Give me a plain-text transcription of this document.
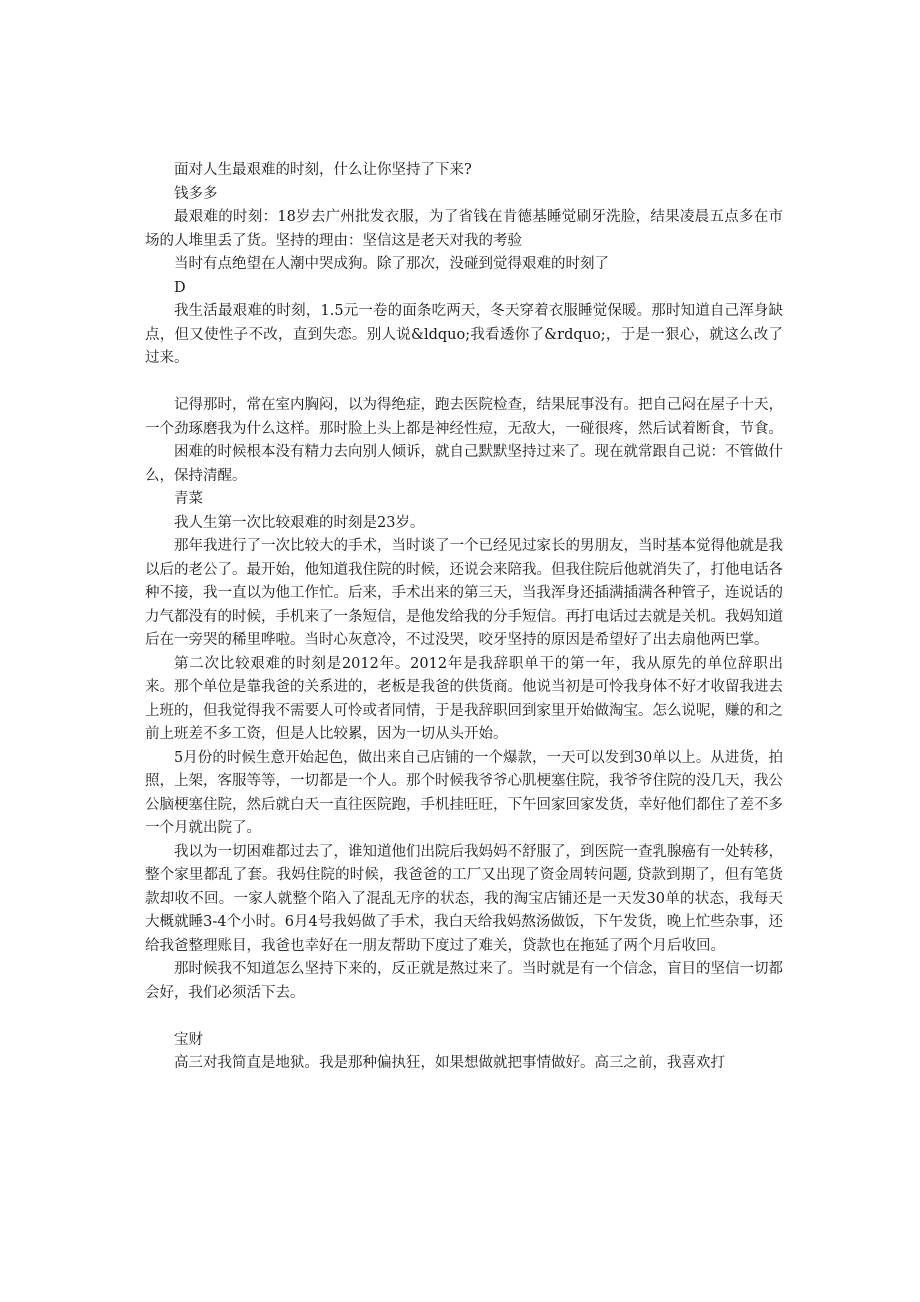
面对人生最艰难的时刻，什么让你坚持了下来?

钱多多

最艰难的时刻：18岁去广州批发衣服，为了省钱在肯德基睡觉刷牙洗脸，结果凌晨五点多在市场的人堆里丢了货。坚持的理由：坚信这是老天对我的考验

当时有点绝望在人潮中哭成狗。除了那次，没碰到觉得艰难的时刻了

D

我生活最艰难的时刻，1.5元一卷的面条吃两天，冬天穿着衣服睡觉保暖。那时知道自己浑身缺点，但又使性子不改，直到失恋。别人说&ldquo;我看透你了&rdquo;，于是一狠心，就这么改了过来。

记得那时，常在室内胸闷，以为得绝症，跑去医院检查，结果屁事没有。把自己闷在屋子十天，一个劲琢磨我为什么这样。那时脸上头上都是神经性痘，无敌大，一碰很疼，然后试着断食，节食。

困难的时候根本没有精力去向别人倾诉，就自己默默坚持过来了。现在就常跟自己说：不管做什么，保持清醒。

青菜

我人生第一次比较艰难的时刻是23岁。

那年我进行了一次比较大的手术，当时谈了一个已经见过家长的男朋友，当时基本觉得他就是我以后的老公了。最开始，他知道我住院的时候，还说会来陪我。但我住院后他就消失了，打他电话各种不接，我一直以为他工作忙。后来，手术出来的第三天，当我浑身还插满插满各种管子，连说话的力气都没有的时候，手机来了一条短信，是他发给我的分手短信。再打电话过去就是关机。我妈知道后在一旁哭的稀里哗啦。当时心灰意冷，不过没哭，咬牙坚持的原因是希望好了出去扇他两巴掌。

第二次比较艰难的时刻是2012年。2012年是我辞职单干的第一年，我从原先的单位辞职出来。那个单位是靠我爸的关系进的，老板是我爸的供货商。他说当初是可怜我身体不好才收留我进去上班的，但我觉得我不需要人可怜或者同情，于是我辞职回到家里开始做淘宝。怎么说呢，赚的和之前上班差不多工资，但是人比较累，因为一切从头开始。

5月份的时候生意开始起色，做出来自己店铺的一个爆款，一天可以发到30单以上。从进货，拍照，上架，客服等等，一切都是一个人。那个时候我爷爷心肌梗塞住院，我爷爷住院的没几天，我公公脑梗塞住院，然后就白天一直往医院跑，手机挂旺旺，下午回家回家发货，幸好他们都住了差不多一个月就出院了。

我以为一切困难都过去了，谁知道他们出院后我妈妈不舒服了，到医院一查乳腺癌有一处转移，整个家里都乱了套。我妈住院的时候，我爸爸的工厂又出现了资金周转问题, 贷款到期了，但有笔货款却收不回。一家人就整个陷入了混乱无序的状态，我的淘宝店铺还是一天发30单的状态，我每天大概就睡3-4个小时。6月4号我妈做了手术，我白天给我妈熬汤做饭，下午发货，晚上忙些杂事，还给我爸整理账目，我爸也幸好在一朋友帮助下度过了难关，贷款也在拖延了两个月后收回。

那时候我不知道怎么坚持下来的，反正就是熬过来了。当时就是有一个信念，盲目的坚信一切都会好，我们必须活下去。

宝财

高三对我简直是地狱。我是那种偏执狂，如果想做就把事情做好。高三之前，我喜欢打
